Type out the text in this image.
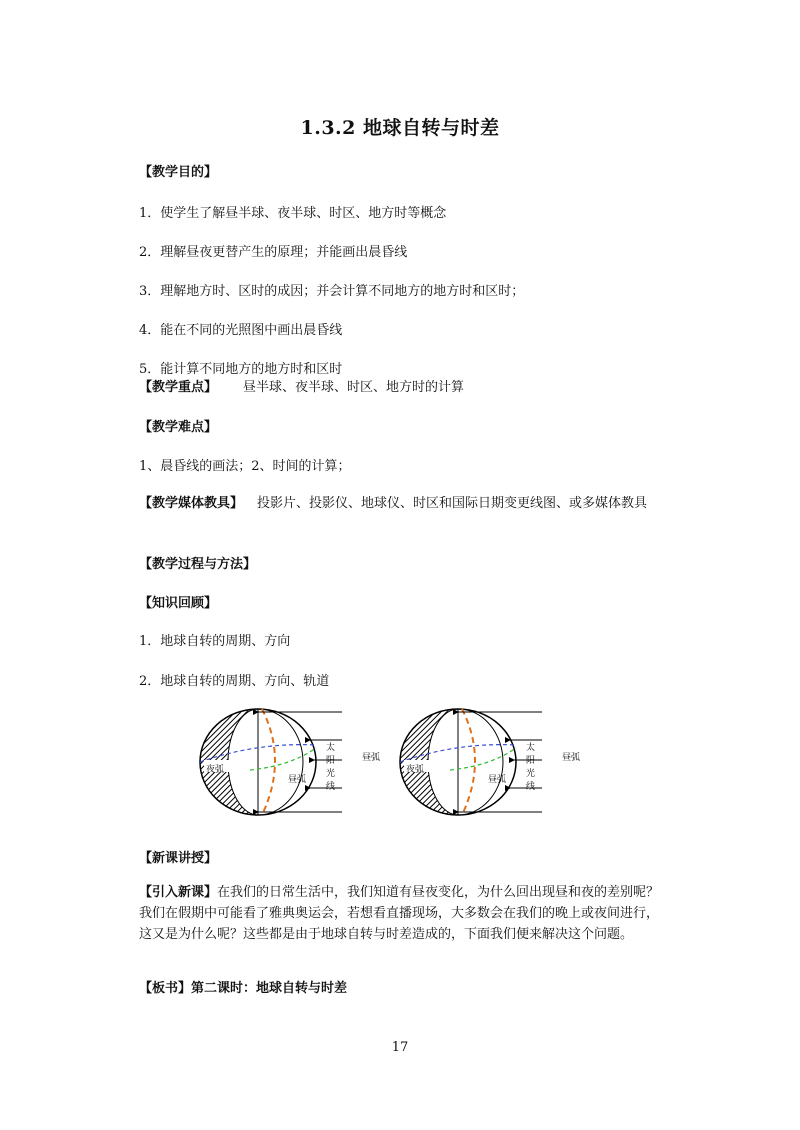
1.3.2 地球自转与时差
【教学目的】
1．使学生了解昼半球、夜半球、时区、地方时等概念
2．理解昼夜更替产生的原理；并能画出晨昏线
3．理解地方时、区时的成因；并会计算不同地方的地方时和区时；
4．能在不同的光照图中画出晨昏线
5．能计算不同地方的地方时和区时
【教学重点】 昼半球、夜半球、时区、地方时的计算
【教学难点】
1、晨昏线的画法；2、时间的计算；
【教学媒体教具】 投影片、投影仪、地球仪、时区和国际日期变更线图、或多媒体教具
【教学过程与方法】
【知识回顾】
1．地球自转的周期、方向
2．地球自转的周期、方向、轨道
夜弧
昼弧
太阳光线
昼弧
夜弧
昼弧
太阳光线
昼弧
【新课讲授】
【引入新课】在我们的日常生活中，我们知道有昼夜变化，为什么回出现昼和夜的差别呢？我们在假期中可能看了雅典奥运会，若想看直播现场，大多数会在我们的晚上或夜间进行，这又是为什么呢？这些都是由于地球自转与时差造成的，下面我们便来解决这个问题。
【板书】第二课时：地球自转与时差
17
